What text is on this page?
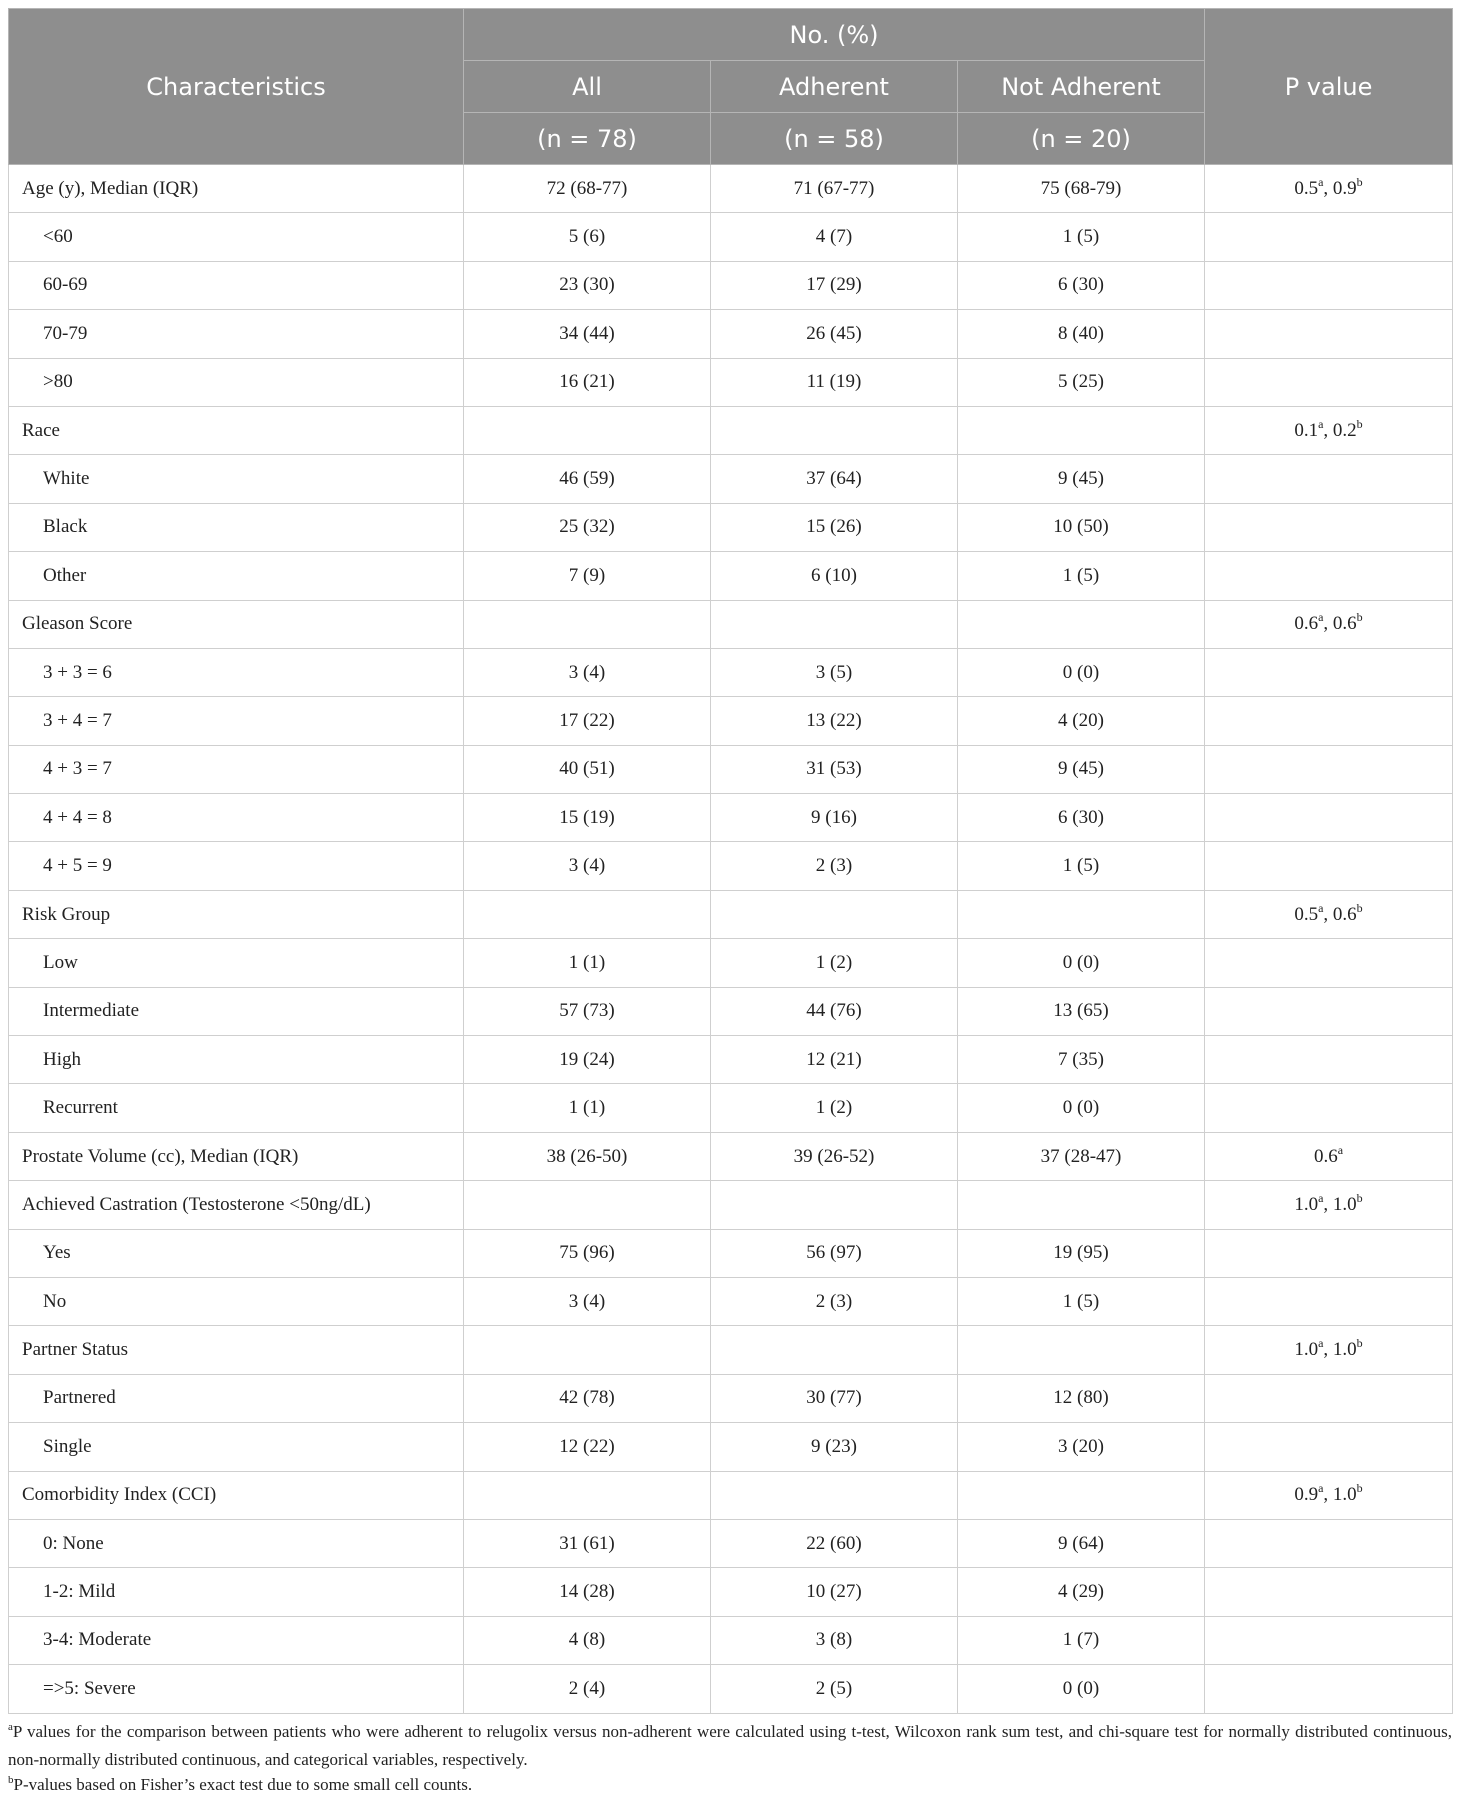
Characteristics	No. (%)			P value
	All	Adherent	Not Adherent	
	(n = 78)	(n = 58)	(n = 20)	
Age (y), Median (IQR)	72 (68-77)	71 (67-77)	75 (68-79)	0.5$^a$, 0.9$^b$
<60	5 (6)	4 (7)	1 (5)	
60-69	23 (30)	17 (29)	6 (30)	
70-79	34 (44)	26 (45)	8 (40)	
>80	16 (21)	11 (19)	5 (25)	
Race				0.1$^a$, 0.2$^b$
White	46 (59)	37 (64)	9 (45)	
Black	25 (32)	15 (26)	10 (50)	
Other	7 (9)	6 (10)	1 (5)	
Gleason Score				0.6$^a$, 0.6$^b$
3 + 3 = 6	3 (4)	3 (5)	0 (0)	
3 + 4 = 7	17 (22)	13 (22)	4 (20)	
4 + 3 = 7	40 (51)	31 (53)	9 (45)	
4 + 4 = 8	15 (19)	9 (16)	6 (30)	
4 + 5 = 9	3 (4)	2 (3)	1 (5)	
Risk Group				0.5$^a$, 0.6$^b$
Low	1 (1)	1 (2)	0 (0)	
Intermediate	57 (73)	44 (76)	13 (65)	
High	19 (24)	12 (21)	7 (35)	
Recurrent	1 (1)	1 (2)	0 (0)	
Prostate Volume (cc), Median (IQR)	38 (26-50)	39 (26-52)	37 (28-47)	0.6$^a$
Achieved Castration (Testosterone <50ng/dL)				1.0$^a$, 1.0$^b$
Yes	75 (96)	56 (97)	19 (95)	
No	3 (4)	2 (3)	1 (5)	
Partner Status				1.0$^a$, 1.0$^b$
Partnered	42 (78)	30 (77)	12 (80)	
Single	12 (22)	9 (23)	3 (20)	
Comorbidity Index (CCI)				0.9$^a$, 1.0$^b$
0: None	31 (61)	22 (60)	9 (64)	
1-2: Mild	14 (28)	10 (27)	4 (29)	
3-4: Moderate	4 (8)	3 (8)	1 (7)	
=>5: Severe	2 (4)	2 (5)	0 (0)	

$^a$P values for the comparison between patients who were adherent to relugolix versus non-adherent were calculated using t-test, Wilcoxon rank sum test, and chi-square test for normally distributed continuous, non-normally distributed continuous, and categorical variables, respectively.

$^b$P-values based on Fisher’s exact test due to some small cell counts.
